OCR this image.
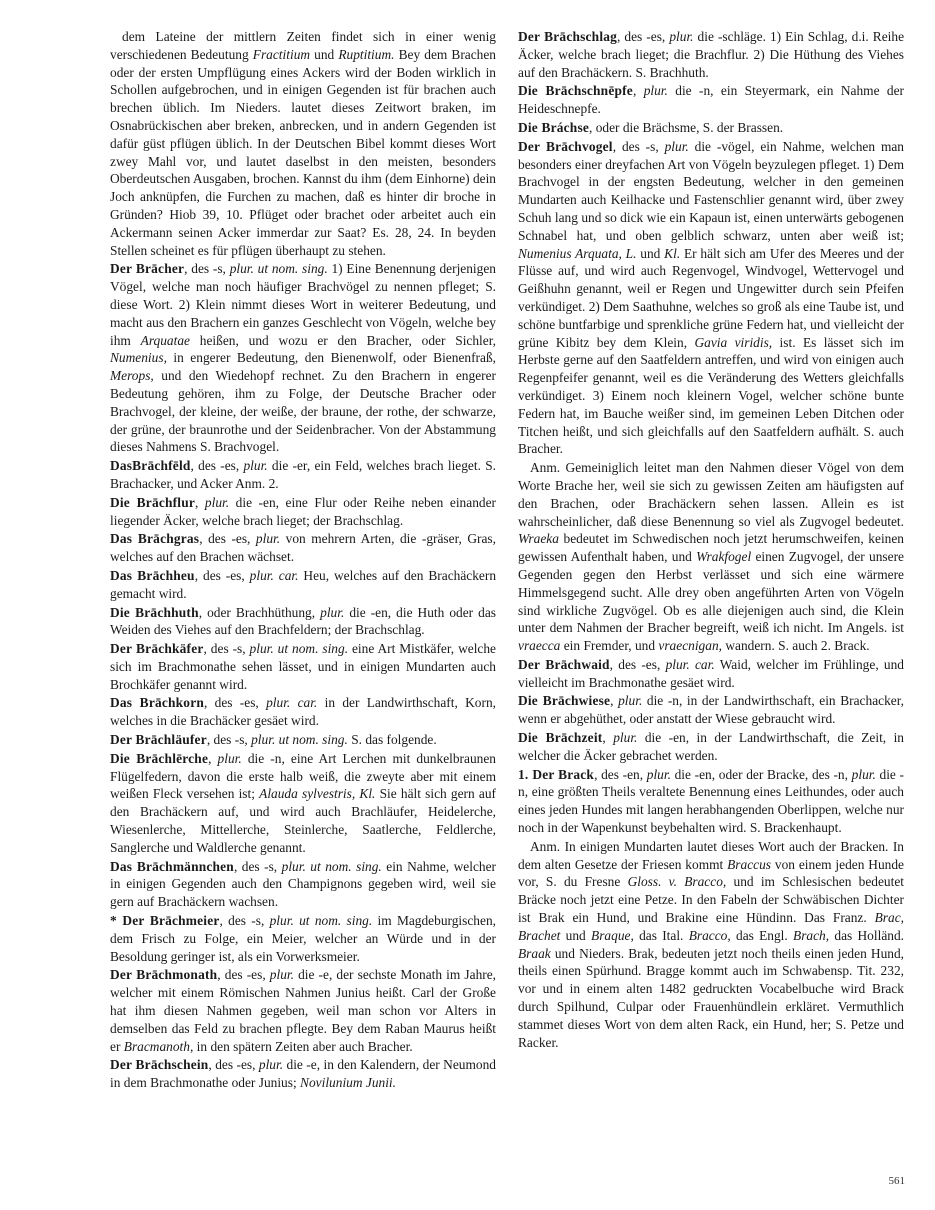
dem Lateine der mittlern Zeiten findet sich in einer wenig verschiedenen Bedeutung Fractitium und Ruptitium. Bey dem Brachen oder der ersten Umpflügung eines Ackers wird der Boden wirklich in Schollen aufgebrochen, und in einigen Gegenden ist für brachen auch brechen üblich. Im Nieders. lautet dieses Zeitwort braken, im Osnabrückischen aber breken, anbrecken, und in andern Gegenden ist dafür güst pflügen üblich. In der Deutschen Bibel kommt dieses Wort zwey Mahl vor, und lautet daselbst in den meisten, besonders Oberdeutschen Ausgaben, brochen. Kannst du ihm (dem Einhorne) dein Joch anknüpfen, die Furchen zu machen, daß es hinter dir broche in Gründen? Hiob 39, 10. Pflüget oder brachet oder arbeitet auch ein Ackermann seinen Acker immerdar zur Saat? Es. 28, 24. In beyden Stellen scheinet es für pflügen überhaupt zu stehen.
Der Brācher, des -s, plur. ut nom. sing. 1) Eine Benennung derjenigen Vögel, welche man noch häufiger Brachvögel zu nennen pfleget; S. diese Wort. 2) Klein nimmt dieses Wort in weiterer Bedeutung, und macht aus den Brachern ein ganzes Geschlecht von Vögeln, welche bey ihm Arquatae heißen, und wozu er den Bracher, oder Sichler, Numenius, in engerer Bedeutung, den Bienenwolf, oder Bienenfraß, Merops, und den Wiedehopf rechnet. Zu den Brachern in engerer Bedeutung gehören, ihm zu Folge, der Deutsche Bracher oder Brachvogel, der kleine, der weiße, der braune, der rothe, der schwarze, der grüne, der braunrothe und der Seidenbracher. Von der Abstammung dieses Nahmens S. Brachvogel.
DasBrāchfēld, des -es, plur. die -er, ein Feld, welches brach lieget. S. Brachacker, und Acker Anm. 2.
Die Brāchflur, plur. die -en, eine Flur oder Reihe neben einander liegender Äcker, welche brach lieget; der Brachschlag.
Das Brāchgras, des -es, plur. von mehrern Arten, die -gräser, Gras, welches auf den Brachen wächset.
Das Brāchheu, des -es, plur. car. Heu, welches auf den Brachäckern gemacht wird.
Die Brāchhuth, oder Brachhüthung, plur. die -en, die Huth oder das Weiden des Viehes auf den Brachfeldern; der Brachschlag.
Der Brāchkäfer, des -s, plur. ut nom. sing. eine Art Mistkäfer, welche sich im Brachmonathe sehen lässet, und in einigen Mundarten auch Brochkäfer genannt wird.
Das Brāchkorn, des -es, plur. car. in der Landwirthschaft, Korn, welches in die Brachäcker gesäet wird.
Der Brāchläufer, des -s, plur. ut nom. sing. S. das folgende.
Die Brāchlērche, plur. die -n, eine Art Lerchen mit dunkelbraunen Flügelfedern, davon die erste halb weiß, die zweyte aber mit einem weißen Fleck versehen ist; Alauda sylvestris, Kl. Sie hält sich gern auf den Brachäckern auf, und wird auch Brachläufer, Heidelerche, Wiesenlerche, Mittellerche, Steinlerche, Saatlerche, Feldlerche, Sanglerche und Waldlerche genannt.
Das Brāchmännchen, des -s, plur. ut nom. sing. ein Nahme, welcher in einigen Gegenden auch den Champignons gegeben wird, weil sie gern auf Brachäckern wachsen.
* Der Brāchmeier, des -s, plur. ut nom. sing. im Magdeburgischen, dem Frisch zu Folge, ein Meier, welcher an Würde und in der Besoldung geringer ist, als ein Vorwerksmeier.
Der Brāchmonath, des -es, plur. die -e, der sechste Monath im Jahre, welcher mit einem Römischen Nahmen Junius heißt. Carl der Große hat ihm diesen Nahmen gegeben, weil man schon vor Alters in demselben das Feld zu brachen pflegte. Bey dem Raban Maurus heißt er Bracmanoth, in den spätern Zeiten aber auch Bracher.
Der Brāchschein, des -es, plur. die -e, in den Kalendern, der Neumond in dem Brachmonathe oder Junius; Novilunium Junii.
Der Brāchschlag, des -es, plur. die -schläge. 1) Ein Schlag, d.i. Reihe Äcker, welche brach lieget; die Brachflur. 2) Die Hüthung des Viehes auf den Brachäckern. S. Brachhuth.
Die Brāchschnēpfe, plur. die -n, ein Steyermark, ein Nahme der Heideschnepfe.
Die Bráchse, oder die Brächsme, S. der Brassen.
Der Brāchvogel, des -s, plur. die -vögel, ein Nahme, welchen man besonders einer dreyfachen Art von Vögeln beyzulegen pfleget. 1) Dem Brachvogel in der engsten Bedeutung, welcher in den gemeinen Mundarten auch Keilhacke und Fastenschlier genannt wird, über zwey Schuh lang und so dick wie ein Kapaun ist, einen unterwärts gebogenen Schnabel hat, und oben gelblich schwarz, unten aber weiß ist; Numenius Arquata, L. und Kl. Er hält sich am Ufer des Meeres und der Flüsse auf, und wird auch Regenvogel, Windvogel, Wettervogel und Geißhuhn genannt, weil er Regen und Ungewitter durch sein Pfeifen verkündiget. 2) Dem Saathuhne, welches so groß als eine Taube ist, und schöne buntfarbige und sprenkliche grüne Federn hat, und vielleicht der grüne Kibitz bey dem Klein, Gavia viridis, ist. Es lässet sich im Herbste gerne auf den Saatfeldern antreffen, und wird von einigen auch Regenpfeifer genannt, weil es die Veränderung des Wetters gleichfalls verkündiget. 3) Einem noch kleinern Vogel, welcher schöne bunte Federn hat, im Bauche weißer sind, im gemeinen Leben Ditchen oder Titchen heißt, und sich gleichfalls auf den Saatfeldern aufhält. S. auch Bracher.
Anm. Gemeiniglich leitet man den Nahmen dieser Vögel von dem Worte Brache her, weil sie sich zu gewissen Zeiten am häufigsten auf den Brachen, oder Brachäckern sehen lassen. Allein es ist wahrscheinlicher, daß diese Benennung so viel als Zugvogel bedeutet. Wraeka bedeutet im Schwedischen noch jetzt herumschweifen, keinen gewissen Aufenthalt haben, und Wrakfogel einen Zugvogel, der unsere Gegenden gegen den Herbst verlässet und sich eine wärmere Himmelsgegend sucht. Alle drey oben angeführten Arten von Vögeln sind wirkliche Zugvögel. Ob es alle diejenigen auch sind, die Klein unter dem Nahmen der Bracher begreift, weiß ich nicht. Im Angels. ist vraecca ein Fremder, und vraecnigan, wandern. S. auch 2. Brack.
Der Brāchwaid, des -es, plur. car. Waid, welcher im Frühlinge, und vielleicht im Brachmonathe gesäet wird.
Die Brāchwiese, plur. die -n, in der Landwirthschaft, ein Brachacker, wenn er abgehüthet, oder anstatt der Wiese gebraucht wird.
Die Brāchzeit, plur. die -en, in der Landwirthschaft, die Zeit, in welcher die Äcker gebrachet werden.
1. Der Brack, des -en, plur. die -en, oder der Bracke, des -n, plur. die -n, eine größten Theils veraltete Benennung eines Leithundes, oder auch eines jeden Hundes mit langen herabhangenden Oberlippen, welche nur noch in der Wapenkunst beybehalten wird. S. Brackenhaupt.
Anm. In einigen Mundarten lautet dieses Wort auch der Bracken. In dem alten Gesetze der Friesen kommt Braccus von einem jeden Hunde vor, S. du Fresne Gloss. v. Bracco, und im Schlesischen bedeutet Bräcke noch jetzt eine Petze. In den Fabeln der Schwäbischen Dichter ist Brak ein Hund, und Brakine eine Hündinn. Das Franz. Brac, Brachet und Braque, das Ital. Bracco, das Engl. Brach, das Holländ. Braak und Nieders. Brak, bedeuten jetzt noch theils einen jeden Hund, theils einen Spürhund. Bragge kommt auch im Schwabensp. Tit. 232, vor und in einem alten 1482 gedruckten Vocabelbuche wird Brack durch Spilhund, Culpar oder Frauenhündlein erkläret. Vermuthlich stammet dieses Wort von dem alten Rack, ein Hund, her; S. Petze und Racker.
561
